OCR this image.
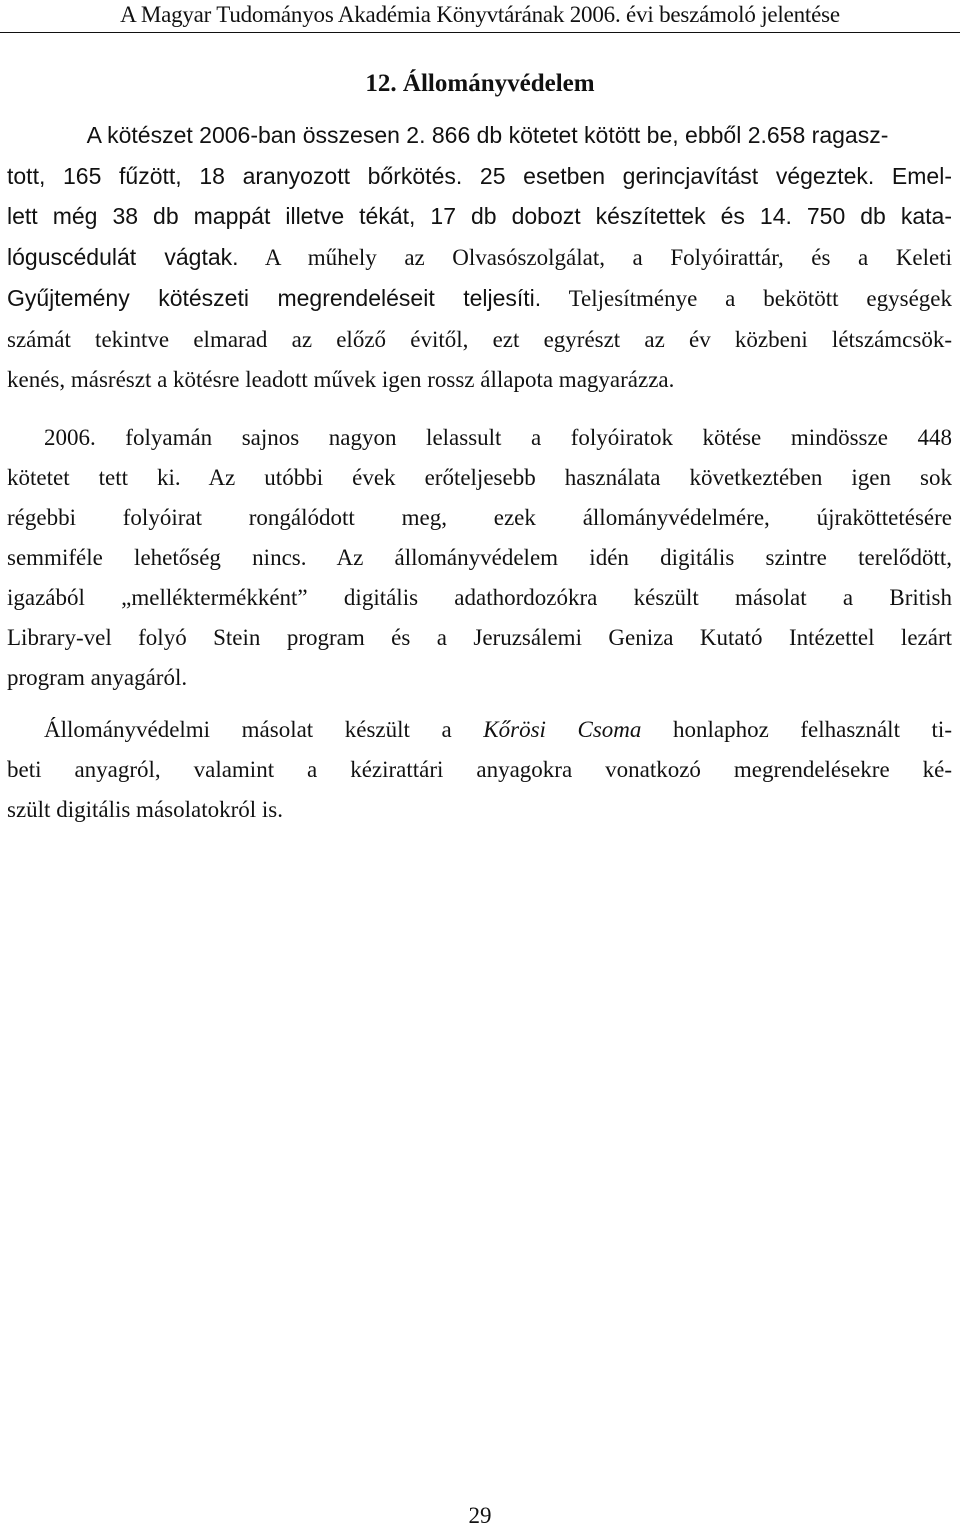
A Magyar Tudományos Akadémia Könyvtárának 2006. évi beszámoló jelentése
12. Állományvédelem

A kötészet 2006-ban összesen 2. 866 db kötetet kötött be, ebből 2.658 ragasz-
tott, 165 fűzött, 18 aranyozott bőrkötés. 25 esetben gerincjavítást végeztek. Emel-
lett még 38 db mappát illetve tékát, 17 db dobozt készítettek és 14. 750 db kata-
lóguscédulát vágtak. A műhely az Olvasószolgálat, a Folyóirattár, és a Keleti
Gyűjtemény kötészeti megrendeléseit teljesíti. Teljesítménye a bekötött egységek
számát tekintve elmarad az előző évitől, ezt egyrészt az év közbeni létszámcsök-
kenés, másrészt a kötésre leadott művek igen rossz állapota magyarázza.

2006. folyamán sajnos nagyon lelassult a folyóiratok kötése mindössze 448
kötetet tett ki. Az utóbbi évek erőteljesebb használata következtében igen sok
régebbi folyóirat rongálódott meg, ezek állományvédelmére, újraköttetésére
semmiféle lehetőség nincs. Az állományvédelem idén digitális szintre terelődött,
igazából „melléktermékként” digitális adathordozókra készült másolat a British
Library-vel folyó Stein program és a Jeruzsálemi Geniza Kutató Intézettel lezárt
program anyagáról.

Állományvédelmi másolat készült a Kőrösi Csoma honlaphoz felhasznált ti-
beti anyagról, valamint a kézirattári anyagokra vonatkozó megrendelésekre ké-
szült digitális másolatokról is.

29
